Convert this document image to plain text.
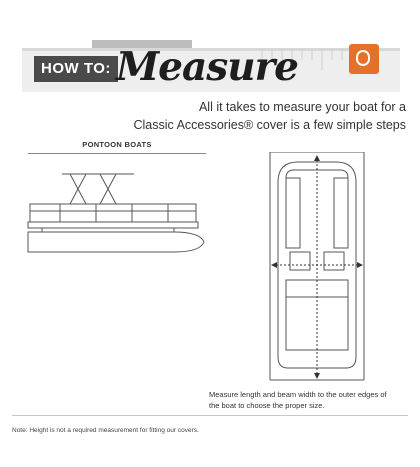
HOW TO: Measure
All it takes to measure your boat for a
Classic Accessories® cover is a few simple steps
PONTOON BOATS
Measure length and beam width to the outer edges of
the boat to choose the proper size.
Note: Height is not a required measurement for fitting our covers.
